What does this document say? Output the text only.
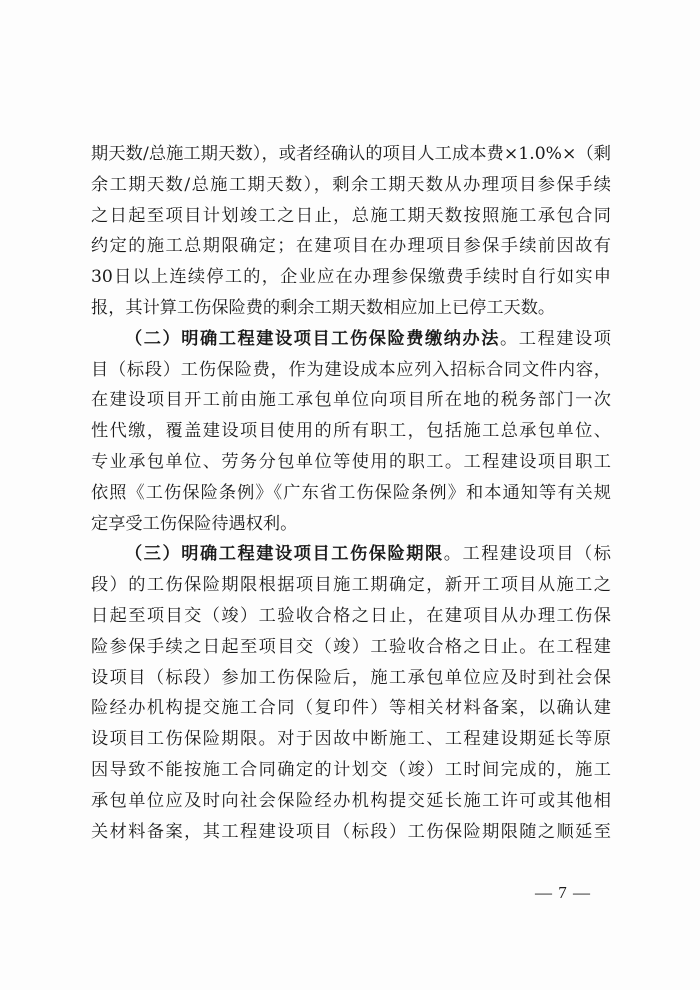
期天数/总施工期天数），或者经确认的项目人工成本费×1.0%×（剩
余工期天数/总施工期天数），剩余工期天数从办理项目参保手续
之日起至项目计划竣工之日止，总施工期天数按照施工承包合同
约定的施工总期限确定；在建项目在办理项目参保手续前因故有
30日以上连续停工的，企业应在办理参保缴费手续时自行如实申
报，其计算工伤保险费的剩余工期天数相应加上已停工天数。
（二）明确工程建设项目工伤保险费缴纳办法。工程建设项
目（标段）工伤保险费，作为建设成本应列入招标合同文件内容，
在建设项目开工前由施工承包单位向项目所在地的税务部门一次
性代缴，覆盖建设项目使用的所有职工，包括施工总承包单位、
专业承包单位、劳务分包单位等使用的职工。工程建设项目职工
依照《工伤保险条例》《广东省工伤保险条例》和本通知等有关规
定享受工伤保险待遇权利。
（三）明确工程建设项目工伤保险期限。工程建设项目（标
段）的工伤保险期限根据项目施工期确定，新开工项目从施工之
日起至项目交（竣）工验收合格之日止，在建项目从办理工伤保
险参保手续之日起至项目交（竣）工验收合格之日止。在工程建
设项目（标段）参加工伤保险后，施工承包单位应及时到社会保
险经办机构提交施工合同（复印件）等相关材料备案，以确认建
设项目工伤保险期限。对于因故中断施工、工程建设期延长等原
因导致不能按施工合同确定的计划交（竣）工时间完成的，施工
承包单位应及时向社会保险经办机构提交延长施工许可或其他相
关材料备案，其工程建设项目（标段）工伤保险期限随之顺延至
— 7 —
